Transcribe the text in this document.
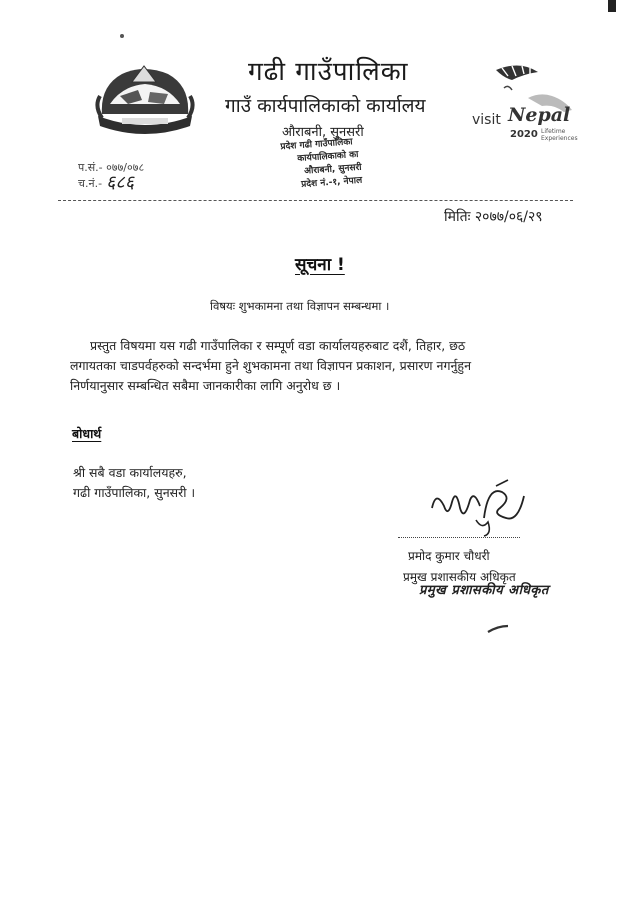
गढी गाउँपालिका
गाउँ कार्यपालिकाको कार्यालय
औराबनी, सुनसरी
visit Nepal
2020 Lifetime
Experiences
प.सं.- ०७७/०७८
च.नं.- ६८६
प्रदेश गढी गाउँपालिका
कार्यपालिकाको का
औराबनी, सुनसरी
प्रदेश नं.-१, नेपाल
मितिः २०७७/०६/२९
सूचना !
विषयः शुभकामना तथा विज्ञापन सम्बन्धमा ।
प्रस्तुत विषयमा यस गढी गाउँपालिका र सम्पूर्ण वडा कार्यालयहरुबाट दशैं, तिहार, छठ
लगायतका चाडपर्वहरुको सन्दर्भमा हुने शुभकामना तथा विज्ञापन प्रकाशन, प्रसारण नगर्नुहुन
निर्णयानुसार सम्बन्धित सबैमा जानकारीका लागि अनुरोध छ ।
बोधार्थ
श्री सबै वडा कार्यालयहरु,
गढी गाउँपालिका, सुनसरी ।
प्रमोद कुमार चौधरी
प्रमुख प्रशासकीय अधिकृत
प्रमुख प्रशासकीय अधिकृत
